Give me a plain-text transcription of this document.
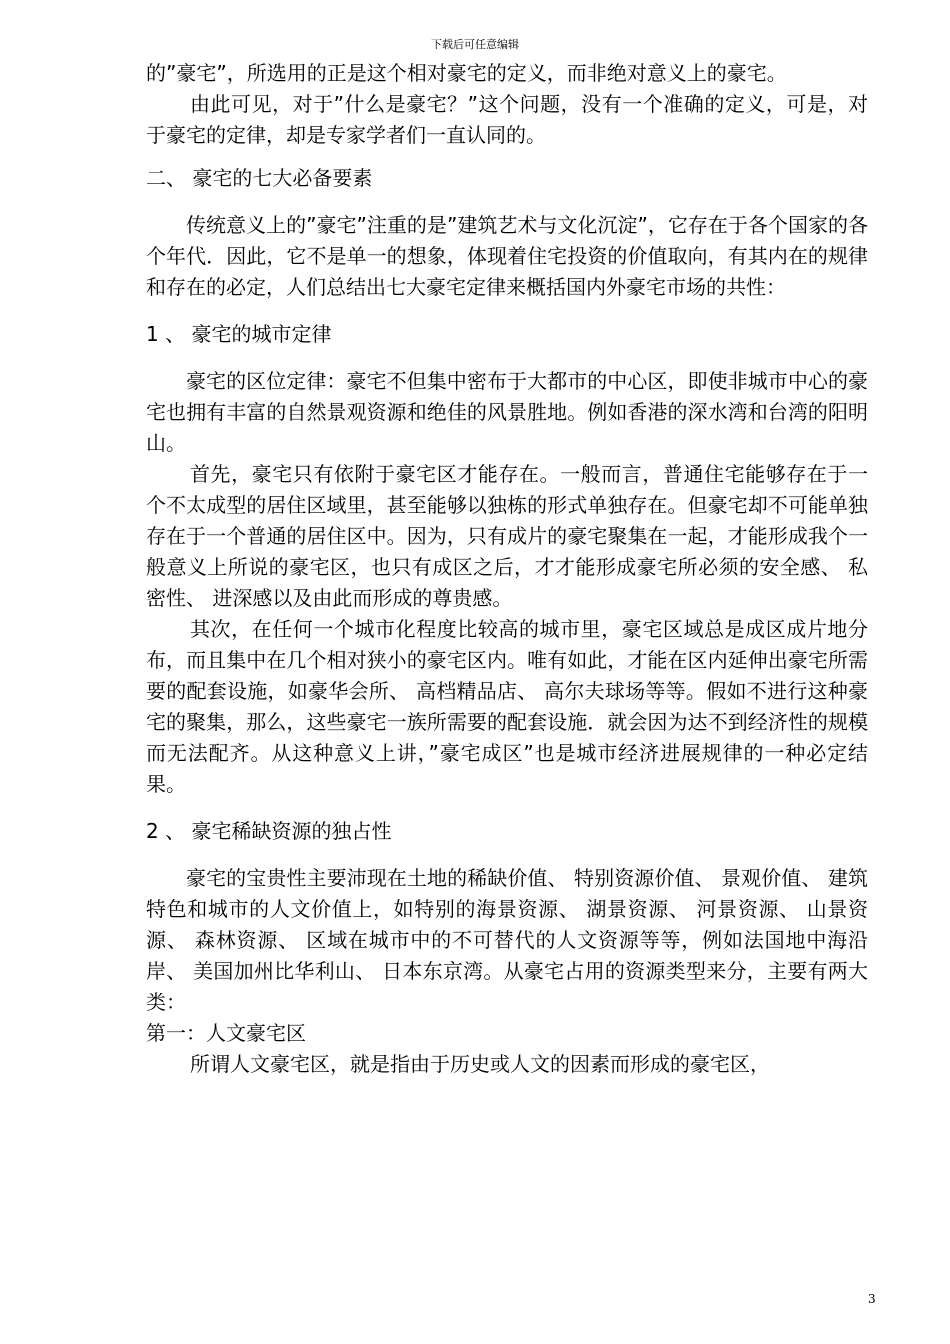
下载后可任意编辑

的”豪宅”，所选用的正是这个相对豪宅的定义，而非绝对意义上的豪宅。

由此可见，对于”什么是豪宅？”这个问题，没有一个准确的定义，可是，对于豪宅的定律，却是专家学者们一直认同的。

二、 豪宅的七大必备要素

传统意义上的”豪宅”注重的是”建筑艺术与文化沉淀”，它存在于各个国家的各个年代．因此，它不是单一的想象，体现着住宅投资的价值取向，有其内在的规律和存在的必定，人们总结出七大豪宅定律来概括国内外豪宅市场的共性：

1 、 豪宅的城市定律

豪宅的区位定律：豪宅不但集中密布于大都市的中心区，即使非城市中心的豪宅也拥有丰富的自然景观资源和绝佳的风景胜地。例如香港的深水湾和台湾的阳明山。

首先，豪宅只有依附于豪宅区才能存在。一般而言，普通住宅能够存在于一个不太成型的居住区域里，甚至能够以独栋的形式单独存在。但豪宅却不可能单独存在于一个普通的居住区中。因为，只有成片的豪宅聚集在一起，才能形成我个一般意义上所说的豪宅区，也只有成区之后，才才能形成豪宅所必须的安全感、 私密性、 进深感以及由此而形成的尊贵感。

其次，在任何一个城市化程度比较高的城市里，豪宅区域总是成区成片地分布，而且集中在几个相对狭小的豪宅区内。唯有如此，才能在区内延伸出豪宅所需要的配套设施，如豪华会所、 高档精品店、 高尔夫球场等等。假如不进行这种豪宅的聚集，那么，这些豪宅一族所需要的配套设施．就会因为达不到经济性的规模而无法配齐。从这种意义上讲，”豪宅成区”也是城市经济进展规律的一种必定结果。

2 、 豪宅稀缺资源的独占性

豪宅的宝贵性主要沛现在土地的稀缺价值、 特别资源价值、 景观价值、 建筑特色和城市的人文价值上，如特别的海景资源、 湖景资源、 河景资源、 山景资源、 森林资源、 区域在城市中的不可替代的人文资源等等，例如法国地中海沿岸、 美国加州比华利山、 日本东京湾。从豪宅占用的资源类型来分，主要有两大类：

第一：人文豪宅区

所谓人文豪宅区，就是指由于历史或人文的因素而形成的豪宅区，

3
